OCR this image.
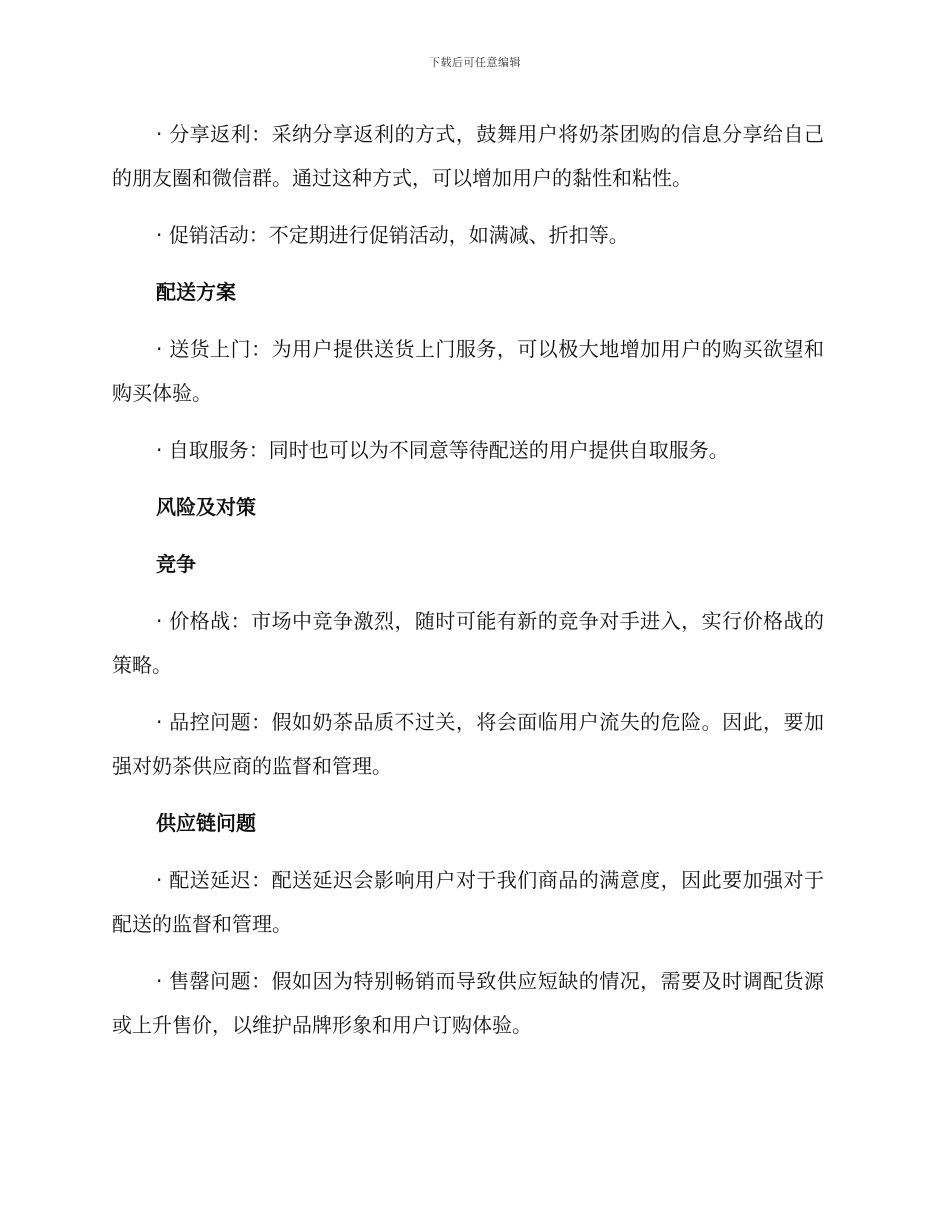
下载后可任意编辑

· 分享返利：采纳分享返利的方式，鼓舞用户将奶茶团购的信息分享给自己的朋友圈和微信群。通过这种方式，可以增加用户的黏性和粘性。

· 促销活动：不定期进行促销活动，如满减、折扣等。

配送方案

· 送货上门：为用户提供送货上门服务，可以极大地增加用户的购买欲望和购买体验。

· 自取服务：同时也可以为不同意等待配送的用户提供自取服务。

风险及对策
竞争

· 价格战：市场中竞争激烈，随时可能有新的竞争对手进入，实行价格战的策略。

· 品控问题：假如奶茶品质不过关，将会面临用户流失的危险。因此，要加强对奶茶供应商的监督和管理。

供应链问题

· 配送延迟：配送延迟会影响用户对于我们商品的满意度，因此要加强对于配送的监督和管理。

· 售罄问题：假如因为特别畅销而导致供应短缺的情况，需要及时调配货源或上升售价，以维护品牌形象和用户订购体验。
